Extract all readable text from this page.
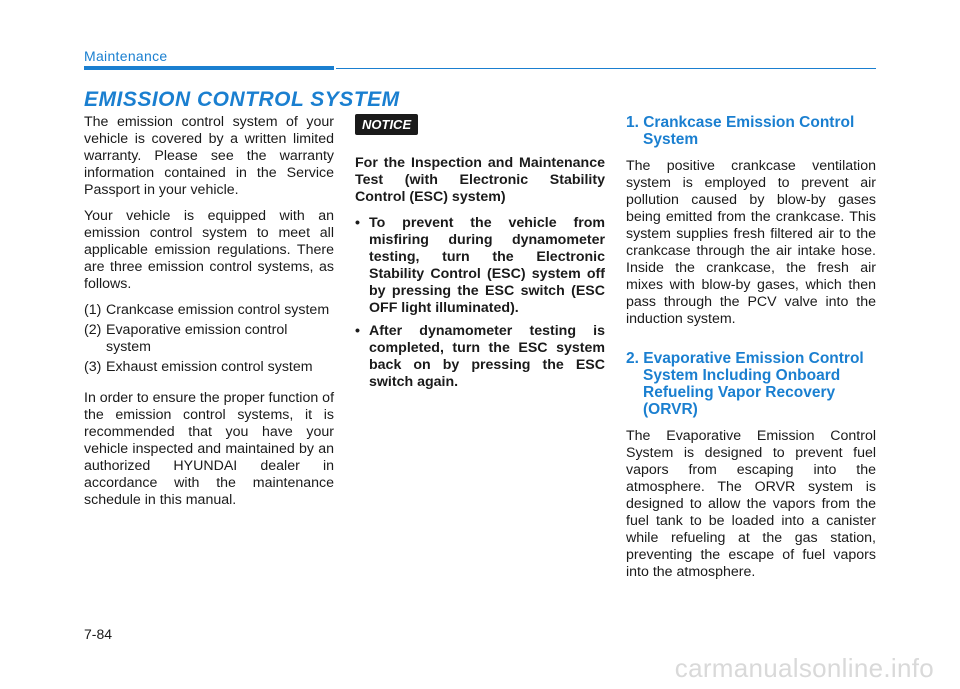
Maintenance
EMISSION CONTROL SYSTEM

The emission control system of your vehicle is covered by a written limited warranty. Please see the warranty information contained in the Service Passport in your vehicle.

Your vehicle is equipped with an emission control system to meet all applicable emission regulations. There are three emission control systems, as follows.

(1) Crankcase emission control system
(2) Evaporative emission control system
(3) Exhaust emission control system

In order to ensure the proper function of the emission control systems, it is recommended that you have your vehicle inspected and maintained by an authorized HYUNDAI dealer in accordance with the maintenance schedule in this manual.

NOTICE

For the Inspection and Maintenance Test (with Electronic Stability Control (ESC) system)

• To prevent the vehicle from misfiring during dynamometer testing, turn the Electronic Stability Control (ESC) system off by pressing the ESC switch (ESC OFF light illuminated).
• After dynamometer testing is completed, turn the ESC system back on by pressing the ESC switch again.
1. Crankcase Emission Control System

The positive crankcase ventilation system is employed to prevent air pollution caused by blow-by gases being emitted from the crankcase. This system supplies fresh filtered air to the crankcase through the air intake hose. Inside the crankcase, the fresh air mixes with blow-by gases, which then pass through the PCV valve into the induction system.

2. Evaporative Emission Control System Including Onboard Refueling Vapor Recovery (ORVR)

The Evaporative Emission Control System is designed to prevent fuel vapors from escaping into the atmosphere. The ORVR system is designed to allow the vapors from the fuel tank to be loaded into a canister while refueling at the gas station, preventing the escape of fuel vapors into the atmosphere.

7-84
carmanualsonline.info
